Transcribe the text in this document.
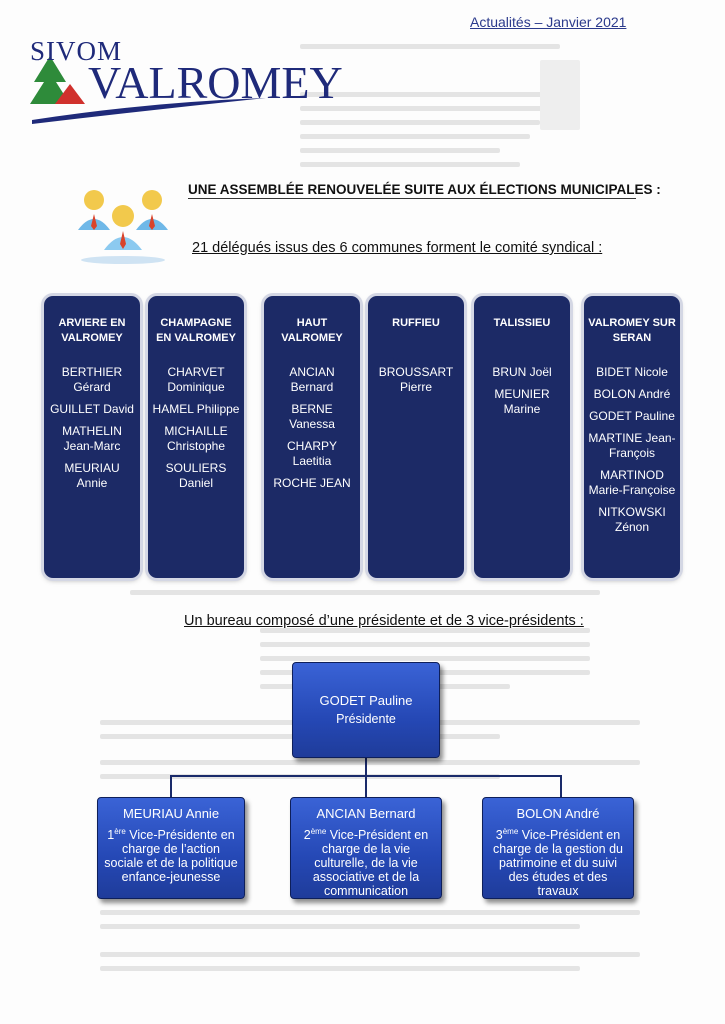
Actualités – Janvier 2021
SIVOM
VALROMEY
UNE ASSEMBLÉE RENOUVELÉE SUITE AUX ÉLECTIONS MUNICIPALES :
21 délégués issus des 6 communes forment le comité syndical :
ARVIERE EN VALROMEY
BERTHIER Gérard
GUILLET David
MATHELIN Jean-Marc
MEURIAU Annie
CHAMPAGNE EN VALROMEY
CHARVET Dominique
HAMEL Philippe
MICHAILLE Christophe
SOULIERS Daniel
HAUT VALROMEY
ANCIAN Bernard
BERNE Vanessa
CHARPY Laetitia
ROCHE JEAN
RUFFIEU
BROUSSART Pierre
TALISSIEU
BRUN Joël
MEUNIER Marine
VALROMEY SUR SERAN
BIDET Nicole
BOLON André
GODET Pauline
MARTINE Jean-François
MARTINOD Marie-Françoise
NITKOWSKI Zénon
Un bureau composé d’une présidente et de 3 vice-présidents :
GODET Pauline
Présidente
MEURIAU Annie
1ère Vice-Présidente en charge de l’action sociale et de la politique enfance-jeunesse
ANCIAN Bernard
2ème Vice-Président en charge de la vie culturelle, de la vie associative et de la communication
BOLON André
3ème Vice-Président en charge de la gestion du patrimoine et du suivi des études et des travaux
